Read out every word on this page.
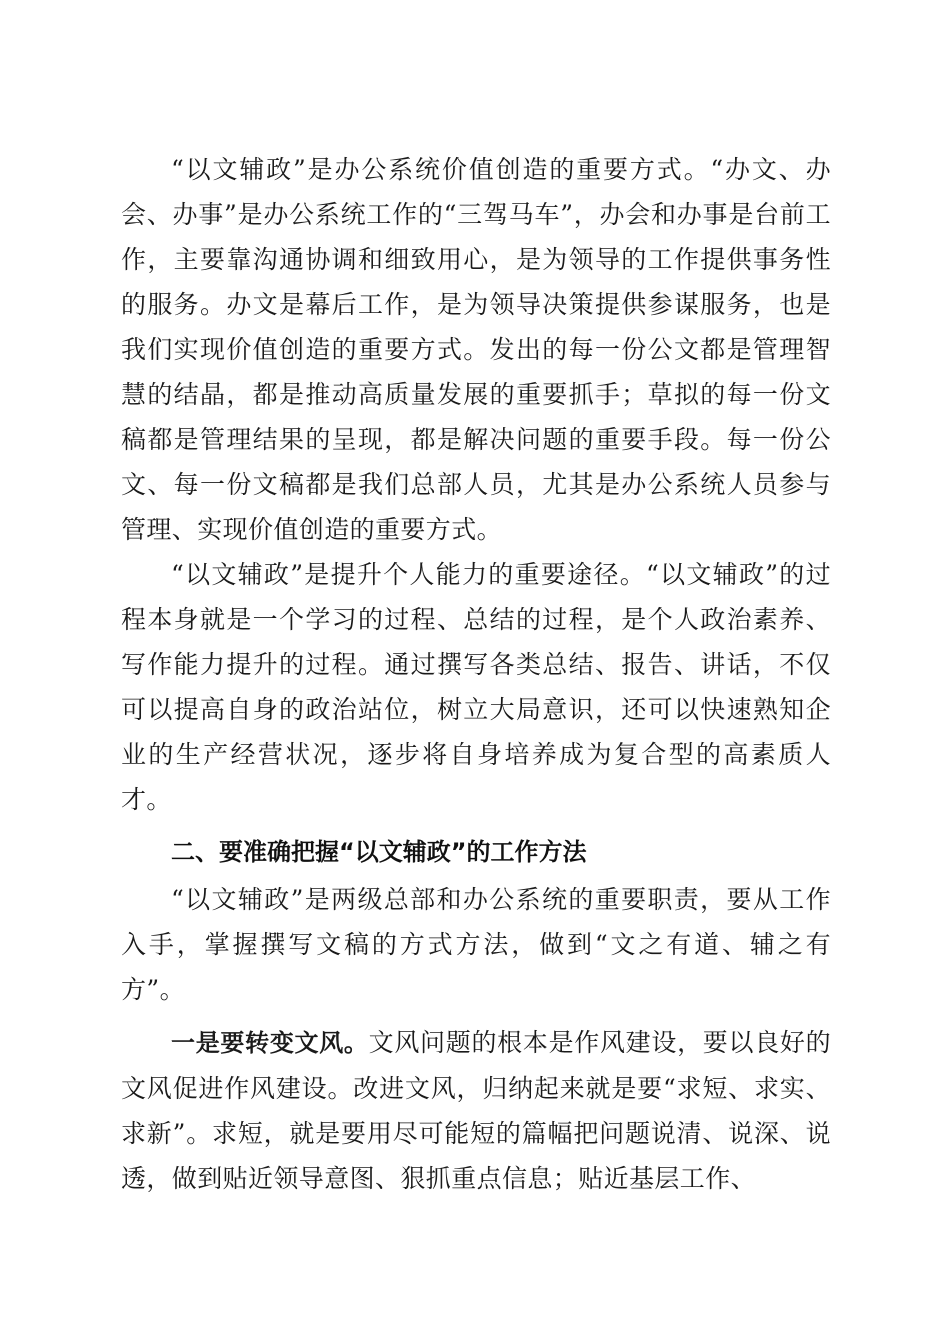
“以文辅政”是办公系统价值创造的重要方式。“办文、办会、办事”是办公系统工作的“三驾马车”，办会和办事是台前工作，主要靠沟通协调和细致用心，是为领导的工作提供事务性的服务。办文是幕后工作，是为领导决策提供参谋服务，也是我们实现价值创造的重要方式。发出的每一份公文都是管理智慧的结晶，都是推动高质量发展的重要抓手；草拟的每一份文稿都是管理结果的呈现，都是解决问题的重要手段。每一份公文、每一份文稿都是我们总部人员，尤其是办公系统人员参与管理、实现价值创造的重要方式。

“以文辅政”是提升个人能力的重要途径。“以文辅政”的过程本身就是一个学习的过程、总结的过程，是个人政治素养、写作能力提升的过程。通过撰写各类总结、报告、讲话，不仅可以提高自身的政治站位，树立大局意识，还可以快速熟知企业的生产经营状况，逐步将自身培养成为复合型的高素质人才。

二、要准确把握“以文辅政”的工作方法

“以文辅政”是两级总部和办公系统的重要职责，要从工作入手，掌握撰写文稿的方式方法，做到“文之有道、辅之有方”。

一是要转变文风。文风问题的根本是作风建设，要以良好的文风促进作风建设。改进文风，归纳起来就是要“求短、求实、求新”。求短，就是要用尽可能短的篇幅把问题说清、说深、说透，做到贴近领导意图、狠抓重点信息；贴近基层工作、
